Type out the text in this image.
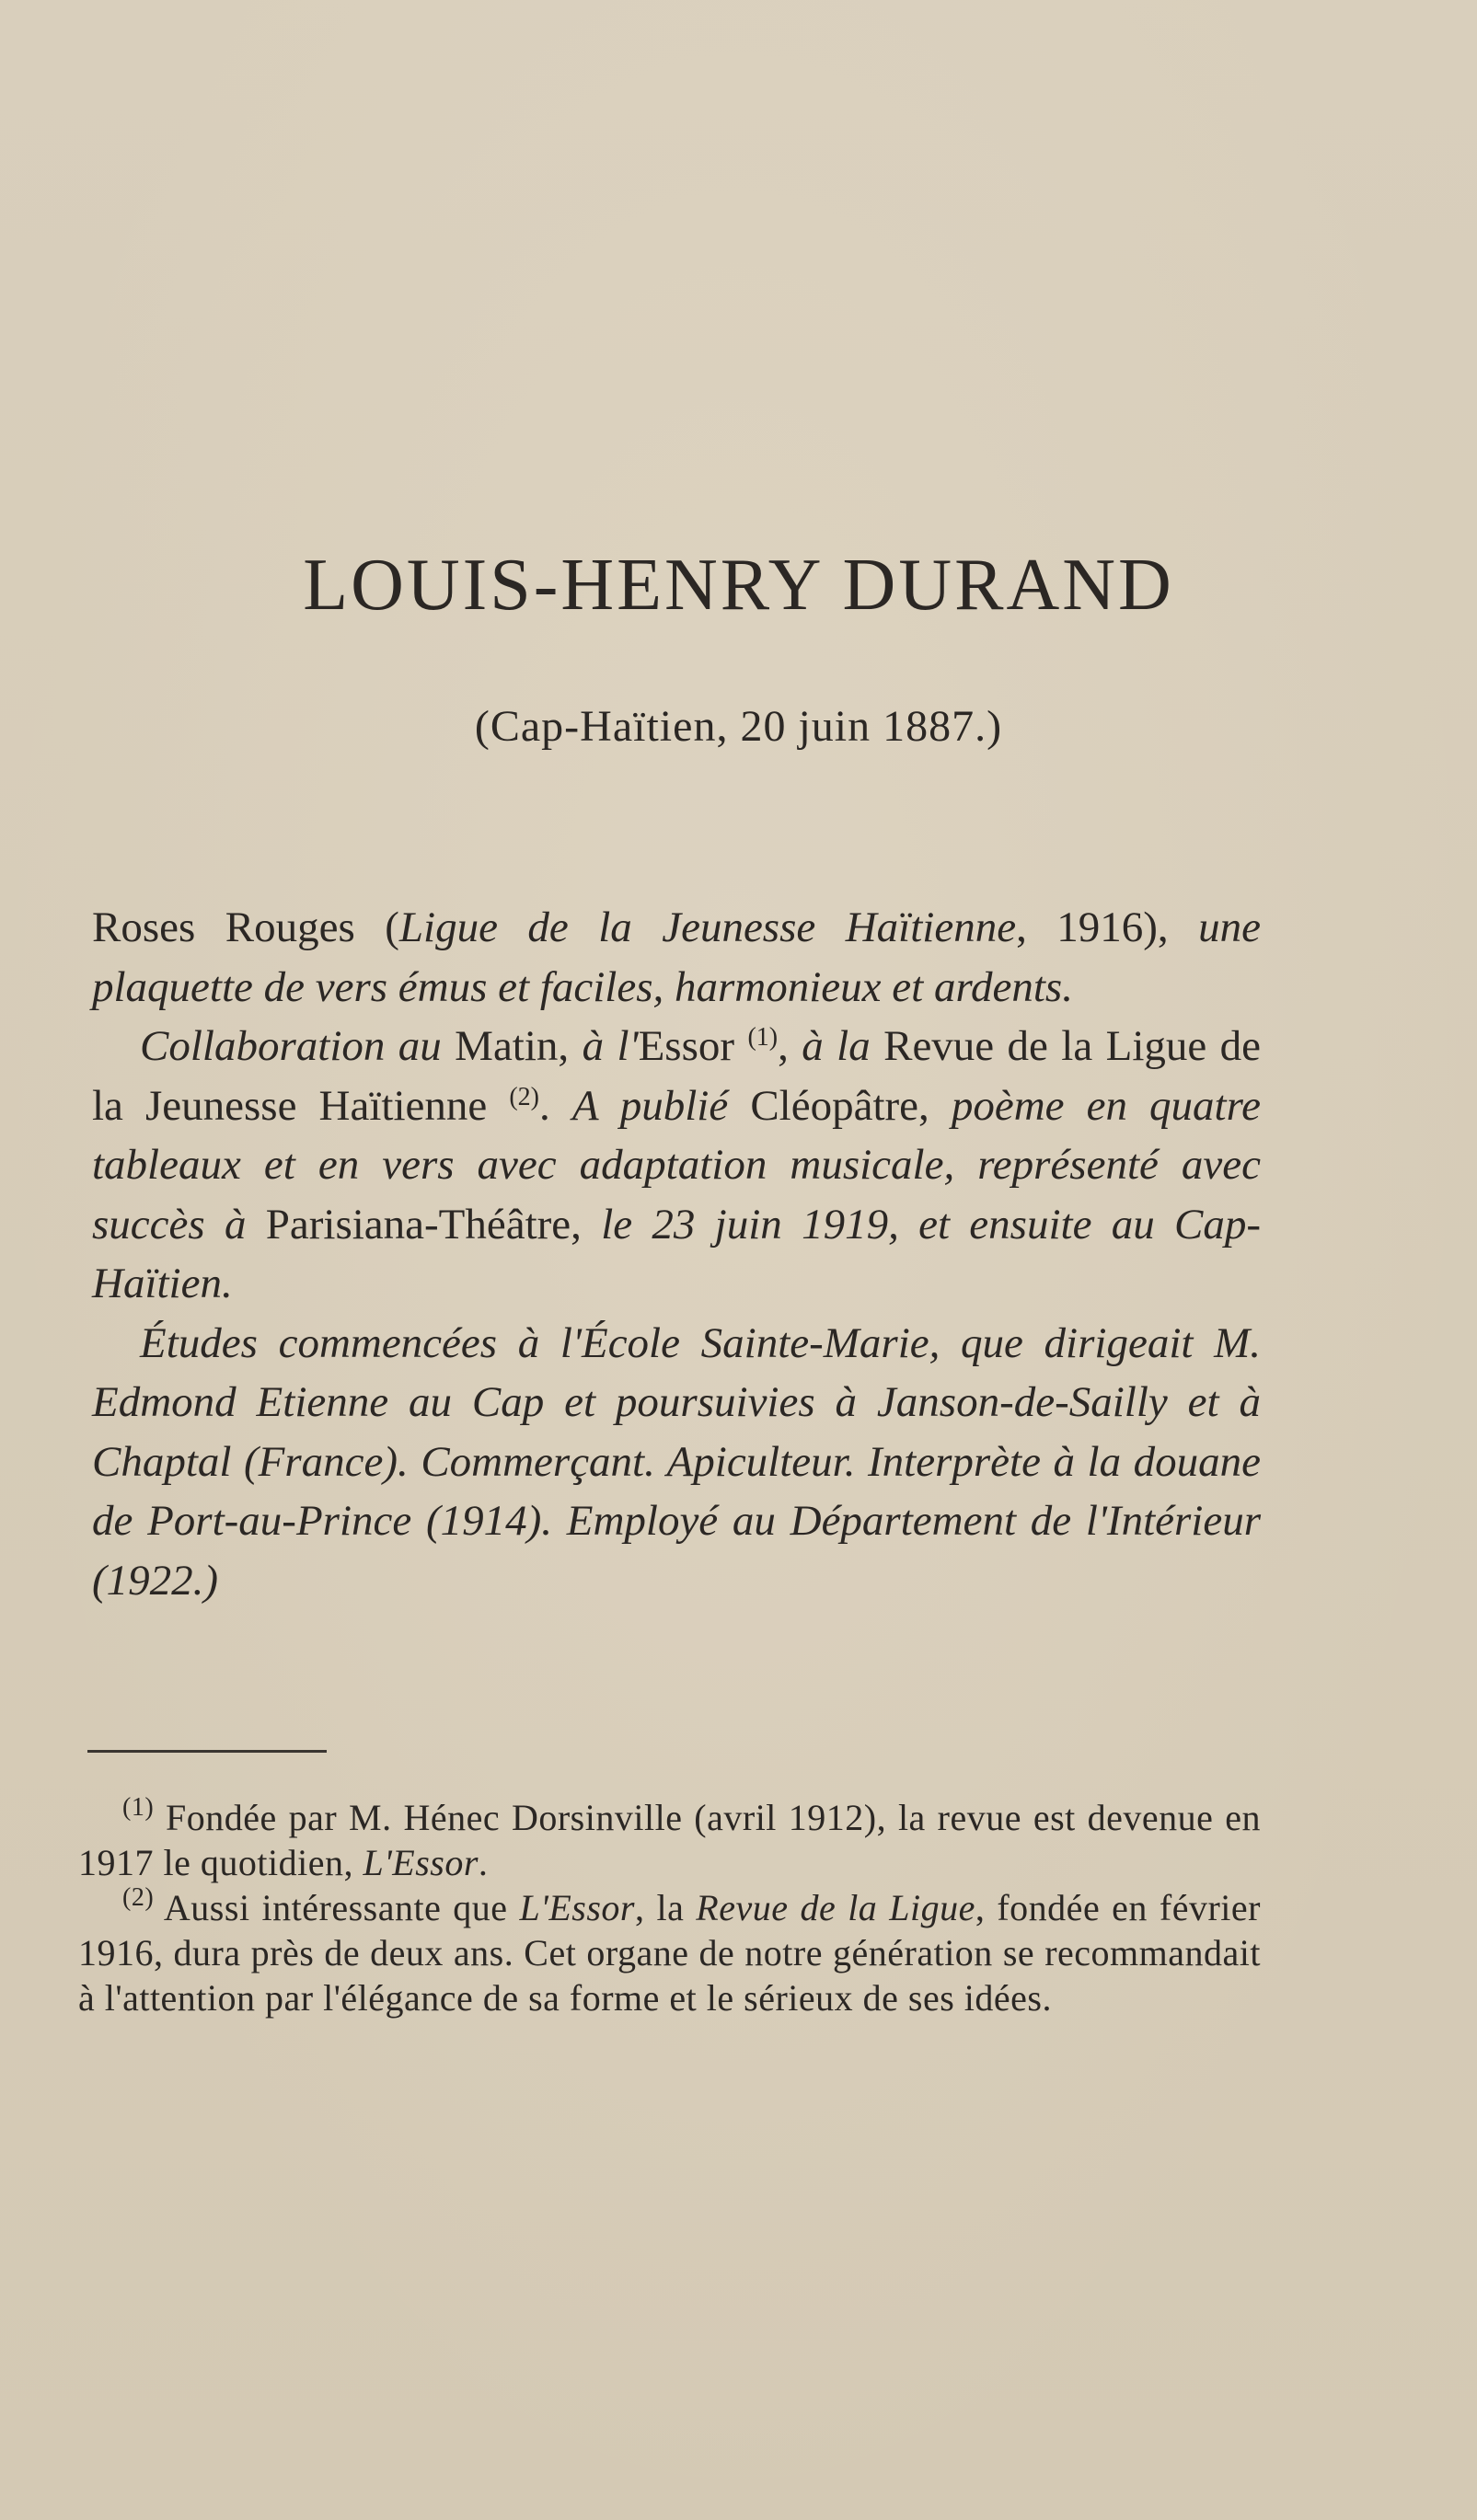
LOUIS-HENRY DURAND
(Cap-Haïtien, 20 juin 1887.)

Roses Rouges (Ligue de la Jeunesse Haïtienne, 1916), une plaquette de vers émus et faciles, harmonieux et ardents.

Collaboration au Matin, à l'Essor $^{(1)}$, à la Revue de la Ligue de la Jeunesse Haïtienne $^{(2)}$. A publié Cléopâtre, poème en quatre tableaux et en vers avec adaptation musicale, représenté avec succès à Parisiana-Théâtre, le 23 juin 1919, et ensuite au Cap-Haïtien.

Études commencées à l'École Sainte-Marie, que dirigeait M. Edmond Etienne au Cap et poursuivies à Janson-de-Sailly et à Chaptal (France). Commerçant. Apiculteur. Interprète à la douane de Port-au-Prince (1914). Employé au Département de l'Intérieur (1922.)

$^{(1)}$ Fondée par M. Hénec Dorsinville (avril 1912), la revue est devenue en 1917 le quotidien, L'Essor.

$^{(2)}$ Aussi intéressante que L'Essor, la Revue de la Ligue, fondée en février 1916, dura près de deux ans. Cet organe de notre génération se recommandait à l'attention par l'élégance de sa forme et le sérieux de ses idées.
